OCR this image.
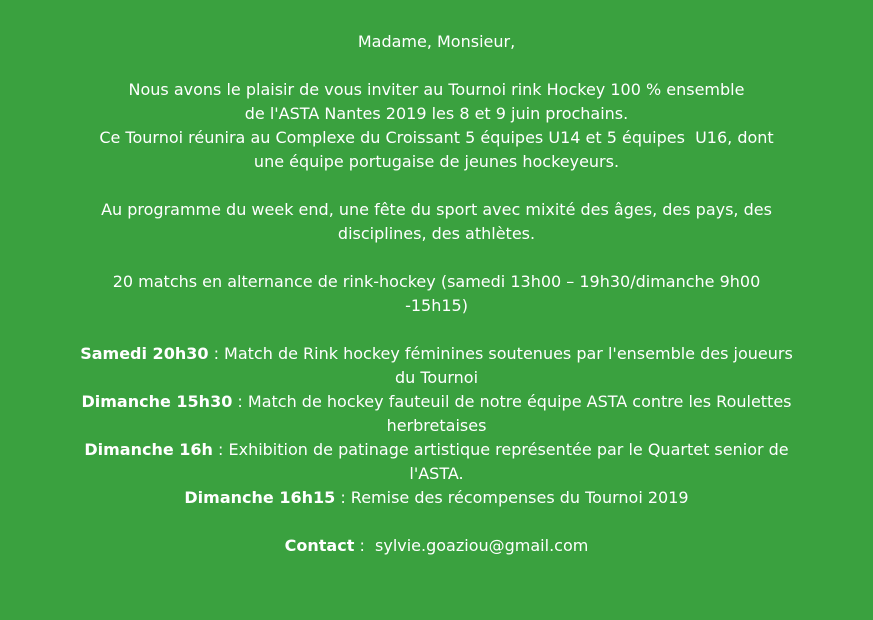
Madame, Monsieur,
Nous avons le plaisir de vous inviter au Tournoi rink Hockey 100 % ensemble
de l'ASTA Nantes 2019 les 8 et 9 juin prochains.
Ce Tournoi réunira au Complexe du Croissant 5 équipes U14 et 5 équipes  U16, dont
une équipe portugaise de jeunes hockeyeurs.
Au programme du week end, une fête du sport avec mixité des âges, des pays, des
disciplines, des athlètes.
20 matchs en alternance de rink-hockey (samedi 13h00 – 19h30/dimanche 9h00
-15h15)
Samedi 20h30 : Match de Rink hockey féminines soutenues par l'ensemble des joueurs
du Tournoi
Dimanche 15h30 : Match de hockey fauteuil de notre équipe ASTA contre les Roulettes
herbretaises
Dimanche 16h : Exhibition de patinage artistique représentée par le Quartet senior de
l'ASTA.
Dimanche 16h15 : Remise des récompenses du Tournoi 2019
Contact :  sylvie.goaziou@gmail.com
